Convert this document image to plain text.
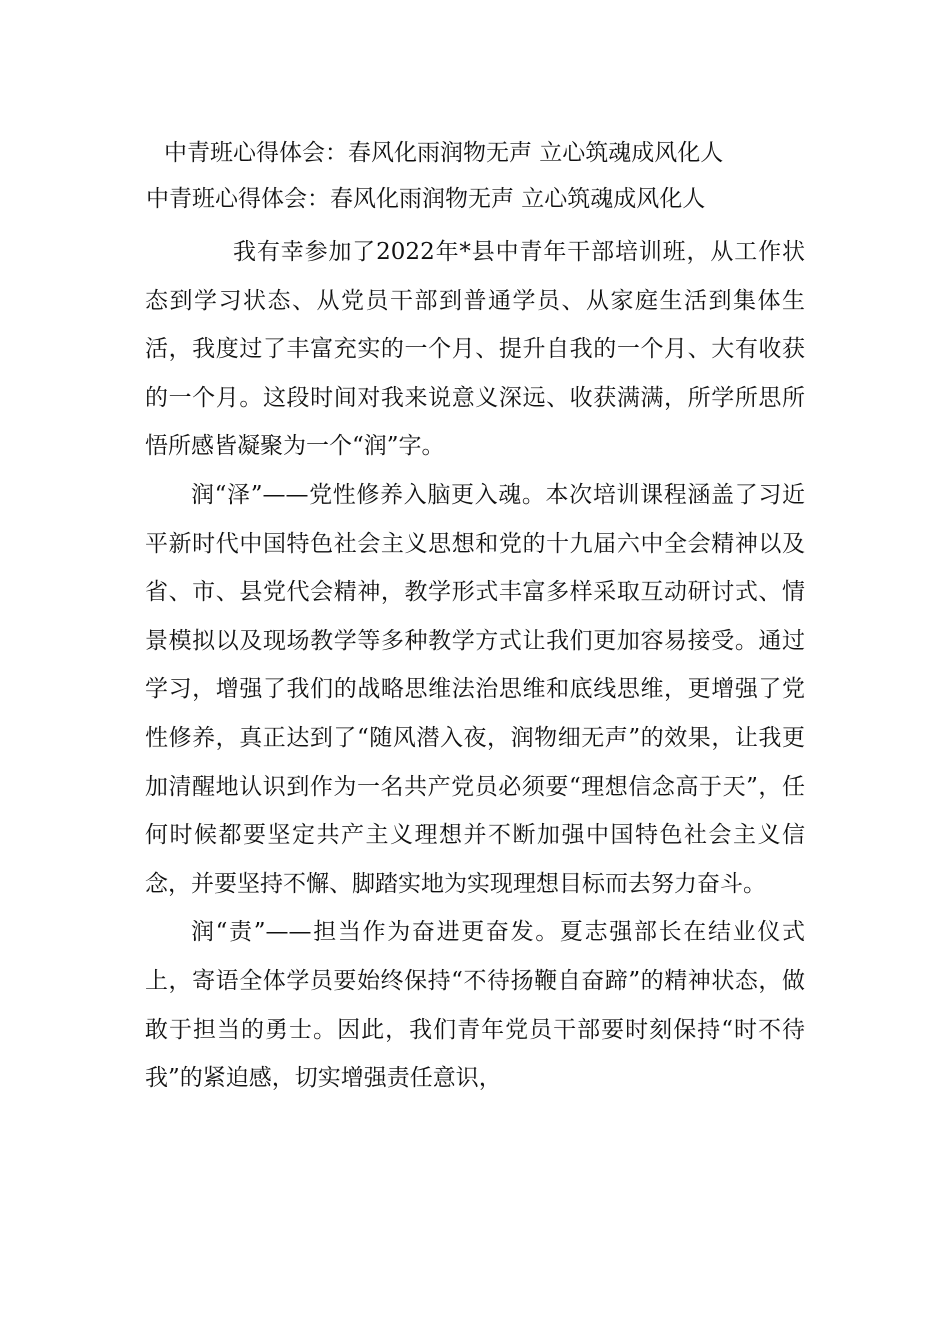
中青班心得体会：春风化雨润物无声 立心筑魂成风化人
中青班心得体会：春风化雨润物无声 立心筑魂成风化人

我有幸参加了2022年*县中青年干部培训班，从工作状态到学习状态、从党员干部到普通学员、从家庭生活到集体生活，我度过了丰富充实的一个月、提升自我的一个月、大有收获的一个月。这段时间对我来说意义深远、收获满满，所学所思所悟所感皆凝聚为一个“润”字。

润“泽”——党性修养入脑更入魂。本次培训课程涵盖了习近平新时代中国特色社会主义思想和党的十九届六中全会精神以及省、市、县党代会精神，教学形式丰富多样采取互动研讨式、情景模拟以及现场教学等多种教学方式让我们更加容易接受。通过学习，增强了我们的战略思维法治思维和底线思维，更增强了党性修养，真正达到了“随风潜入夜，润物细无声”的效果，让我更加清醒地认识到作为一名共产党员必须要“理想信念高于天”，任何时候都要坚定共产主义理想并不断加强中国特色社会主义信念，并要坚持不懈、脚踏实地为实现理想目标而去努力奋斗。

润“责”——担当作为奋进更奋发。夏志强部长在结业仪式上，寄语全体学员要始终保持“不待扬鞭自奋蹄”的精神状态，做敢于担当的勇士。因此，我们青年党员干部要时刻保持“时不待我”的紧迫感，切实增强责任意识，
